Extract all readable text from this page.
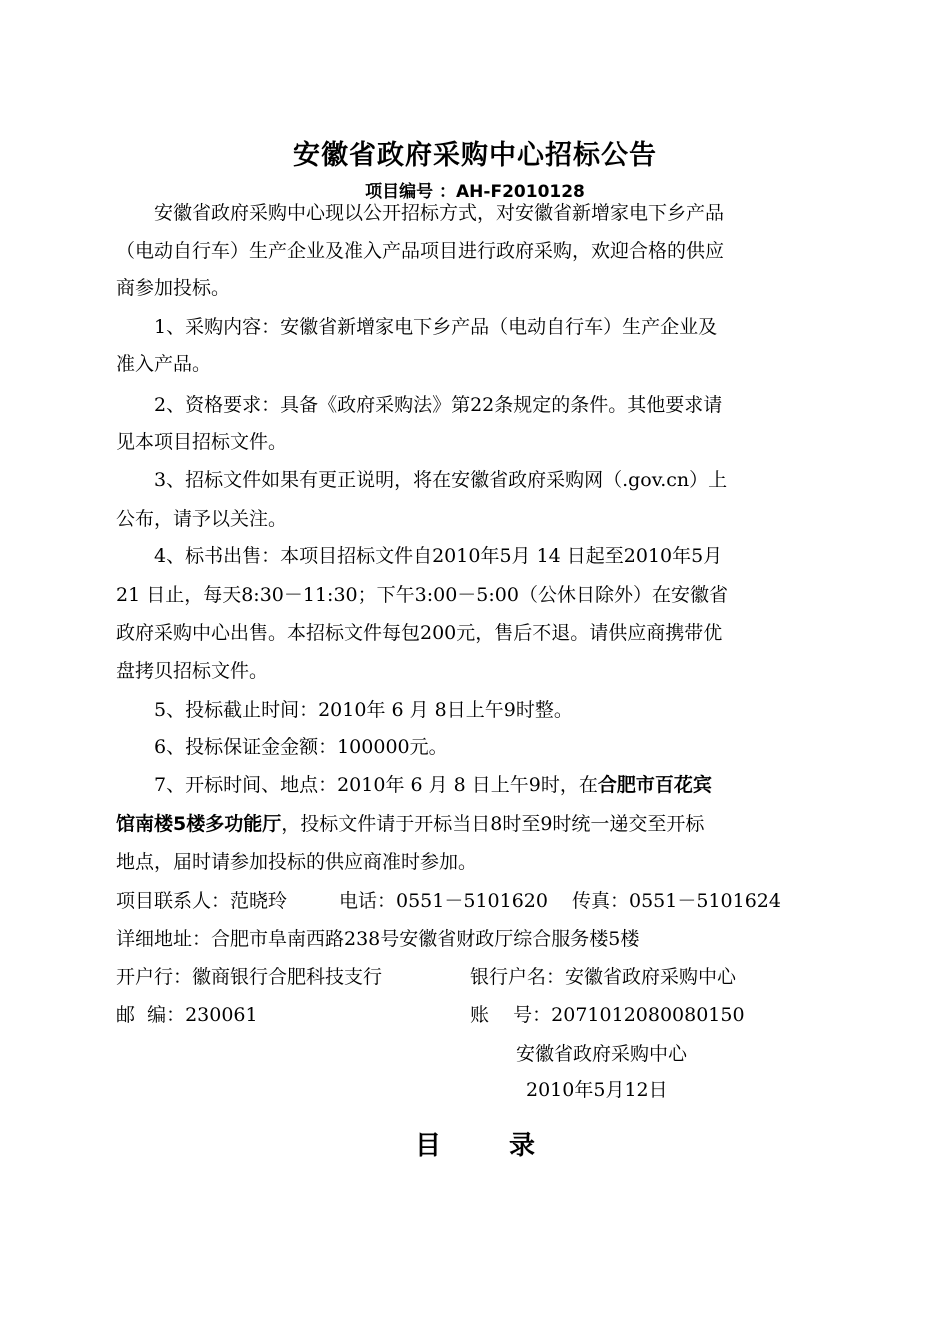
安徽省政府采购中心招标公告
项目编号 ：AH-F2010128
安徽省政府采购中心现以公开招标方式，对安徽省新增家电下乡产品
（电动自行车）生产企业及准入产品项目进行政府采购，欢迎合格的供应
商参加投标。
1、采购内容：安徽省新增家电下乡产品（电动自行车）生产企业及
准入产品。
2、资格要求：具备《政府采购法》第22条规定的条件。其他要求请
见本项目招标文件。
3、招标文件如果有更正说明，将在安徽省政府采购网（.gov.cn）上
公布，请予以关注。
4、标书出售：本项目招标文件自2010年5月 14 日起至2010年5月
21 日止，每天8:30－11:30；下午3:00－5:00（公休日除外）在安徽省
政府采购中心出售。本招标文件每包200元，售后不退。请供应商携带优
盘拷贝招标文件。
5、投标截止时间：2010年 6 月 8日上午9时整。
6、投标保证金金额：100000元。
7、开标时间、地点：2010年 6 月 8 日上午9时，在合肥市百花宾
馆南楼5楼多功能厅，投标文件请于开标当日8时至9时统一递交至开标
地点，届时请参加投标的供应商准时参加。
项目联系人：范晓玲	电话：0551－5101620 传真：0551－5101624
详细地址：合肥市阜南西路238号安徽省财政厅综合服务楼5楼
开户行：徽商银行合肥科技支行	银行户名：安徽省政府采购中心
邮  编：230061	账    号：2071012080080150
安徽省政府采购中心
2010年5月12日
目	录
